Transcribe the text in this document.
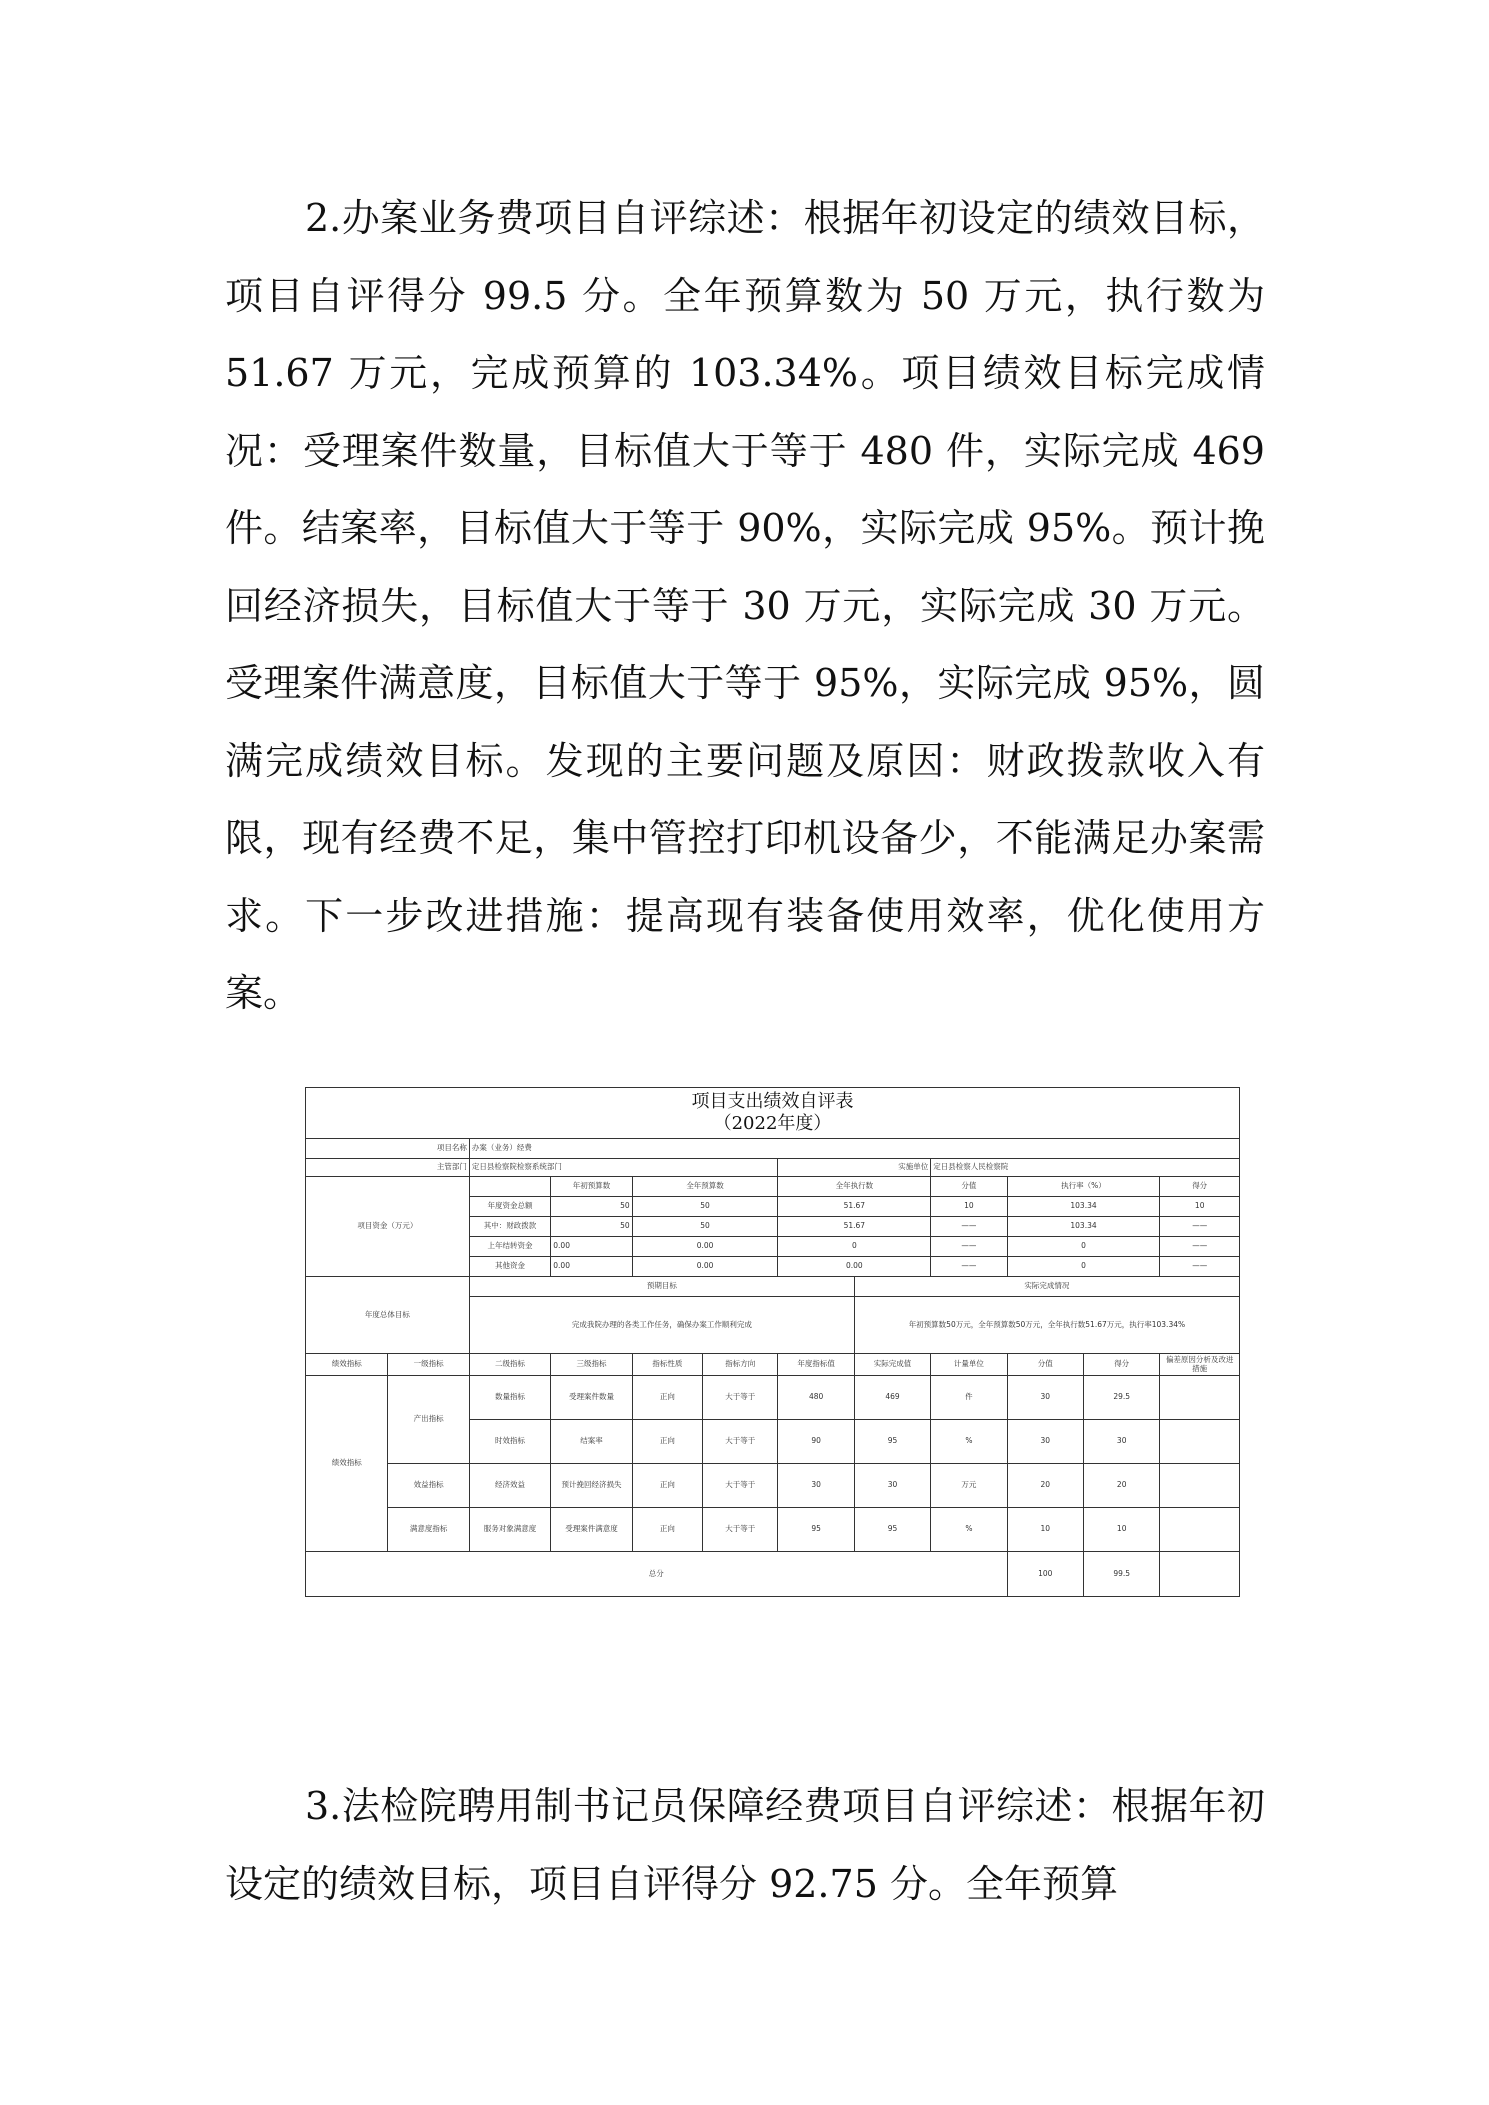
2.办案业务费项目自评综述：根据年初设定的绩效目标，项目自评得分 99.5 分。全年预算数为 50 万元，执行数为 51.67 万元，完成预算的 103.34%。项目绩效目标完成情况：受理案件数量，目标值大于等于 480 件，实际完成 469 件。结案率，目标值大于等于 90%，实际完成 95%。预计挽回经济损失，目标值大于等于 30 万元，实际完成 30 万元。受理案件满意度，目标值大于等于 95%，实际完成 95%，圆满完成绩效目标。发现的主要问题及原因：财政拨款收入有限，现有经费不足，集中管控打印机设备少，不能满足办案需求。下一步改进措施：提高现有装备使用效率，优化使用方案。

项目支出绩效自评表
（2022年度）											

项目名称		办案（业务）经费									
主管部门		定日县检察院检察系统部门				实施单位		定日县检察人民检察院			
项目资金（万元）			年初预算数	全年预算数		全年执行数		分值	执行率（%）		得分
		年度资金总额	50	50		51.67		10	103.34		10
		其中：财政拨款	50	50		51.67		——	103.34		——
		上年结转资金	0.00	0.00		0		——	0		——
		其他资金	0.00	0.00		0.00		——	0		——
年度总体目标		预期目标					实际完成情况				
		完成我院办理的各类工作任务，确保办案工作顺利完成					年初预算数50万元，全年预算数50万元，全年执行数51.67万元，执行率103.34%				
绩效指标	一级指标	二级指标	三级指标	指标性质	指标方向	年度指标值	实际完成值	计量单位	分值	得分	偏差原因分析及改进措施
绩效指标	产出指标	数量指标	受理案件数量	正向	大于等于	480	469	件	30	29.5	
		时效指标	结案率	正向	大于等于	90	95	%	30	30	
	效益指标	经济效益	预计挽回经济损失	正向	大于等于	30	30	万元	20	20	
	满意度指标	服务对象满意度	受理案件满意度	正向	大于等于	95	95	%	10	10	
总分									100	99.5	

3.法检院聘用制书记员保障经费项目自评综述：根据年初设定的绩效目标，项目自评得分 92.75 分。全年预算
